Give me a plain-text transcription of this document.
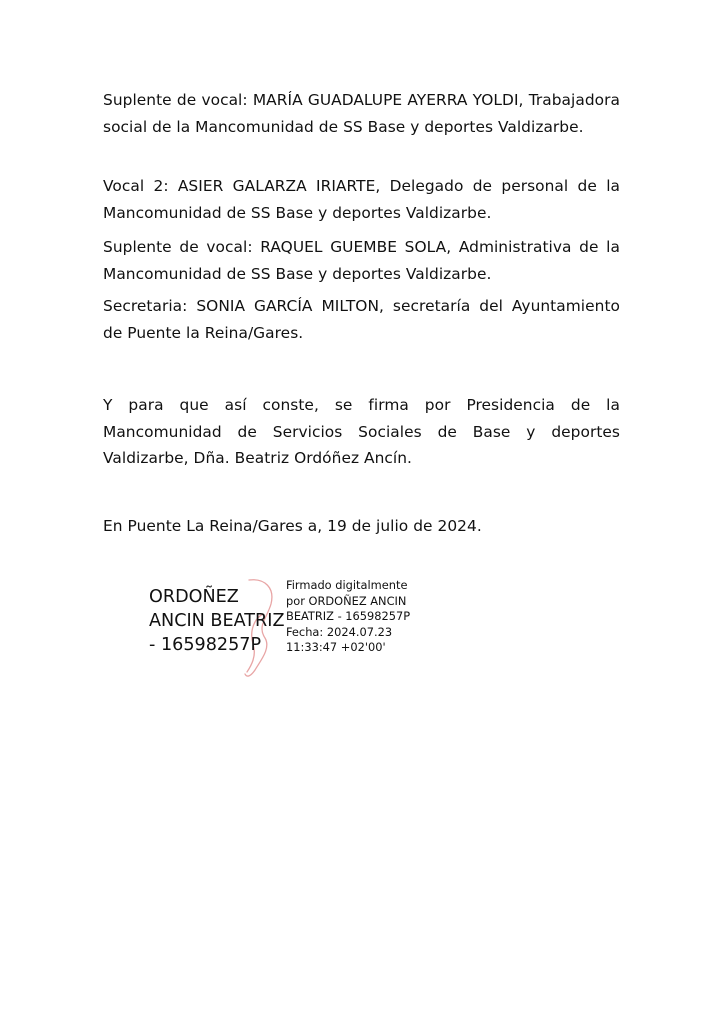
Suplente de vocal: MARÍA GUADALUPE AYERRA YOLDI, Trabajadora social de la Mancomunidad de SS Base y deportes Valdizarbe.

Vocal 2: ASIER GALARZA IRIARTE, Delegado de personal de la Mancomunidad de SS Base y deportes Valdizarbe.

Suplente de vocal: RAQUEL GUEMBE SOLA, Administrativa de la Mancomunidad de SS Base y deportes Valdizarbe.

Secretaria: SONIA GARCÍA MILTON, secretaría del Ayuntamiento de Puente la Reina/Gares.

Y para que así conste, se firma por Presidencia de la Mancomunidad de Servicios Sociales de Base y deportes Valdizarbe, Dña. Beatriz Ordóñez Ancín.

En Puente La Reina/Gares a, 19 de julio de 2024.

ORDOÑEZ
ANCIN BEATRIZ
- 16598257P
Firmado digitalmente
por ORDOÑEZ ANCIN
BEATRIZ - 16598257P
Fecha: 2024.07.23
11:33:47 +02'00'
